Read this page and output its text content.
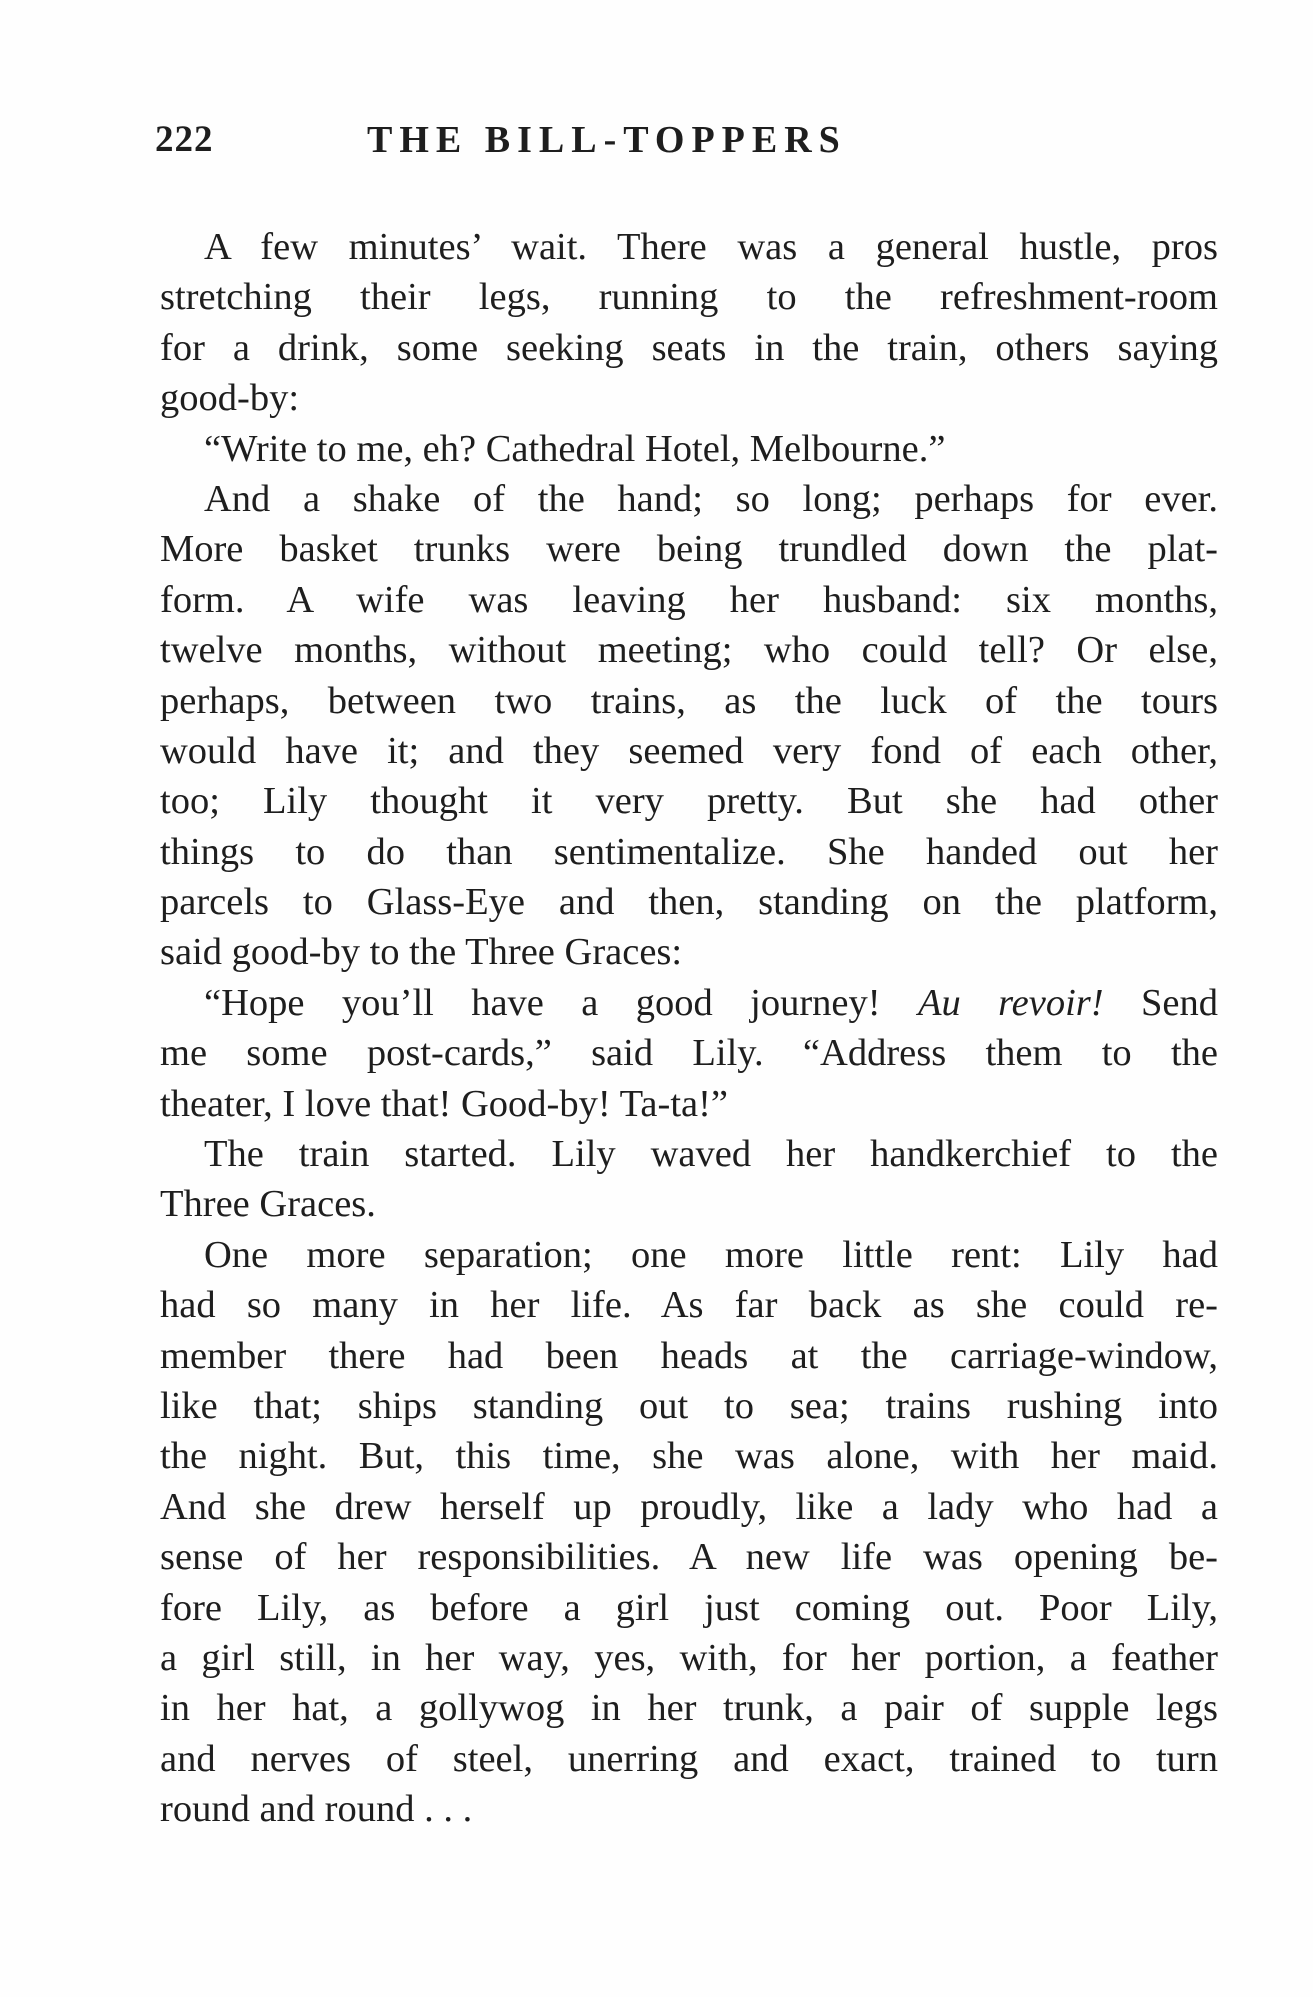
222	THE BILL-TOPPERS
A few minutes’ wait. There was a general hustle, pros
stretching their legs, running to the refreshment-room
for a drink, some seeking seats in the train, others saying
good-by:
“Write to me, eh? Cathedral Hotel, Melbourne.”
And a shake of the hand; so long; perhaps for ever.
More basket trunks were being trundled down the plat-
form. A wife was leaving her husband: six months,
twelve months, without meeting; who could tell? Or else,
perhaps, between two trains, as the luck of the tours
would have it; and they seemed very fond of each other,
too; Lily thought it very pretty. But she had other
things to do than sentimentalize. She handed out her
parcels to Glass-Eye and then, standing on the platform,
said good-by to the Three Graces:
“Hope you’ll have a good journey! Au revoir! Send
me some post-cards,” said Lily. “Address them to the
theater, I love that! Good-by! Ta-ta!”
The train started. Lily waved her handkerchief to the
Three Graces.
One more separation; one more little rent: Lily had
had so many in her life. As far back as she could re-
member there had been heads at the carriage-window,
like that; ships standing out to sea; trains rushing into
the night. But, this time, she was alone, with her maid.
And she drew herself up proudly, like a lady who had a
sense of her responsibilities. A new life was opening be-
fore Lily, as before a girl just coming out. Poor Lily,
a girl still, in her way, yes, with, for her portion, a feather
in her hat, a gollywog in her trunk, a pair of supple legs
and nerves of steel, unerring and exact, trained to turn
round and round . . .
